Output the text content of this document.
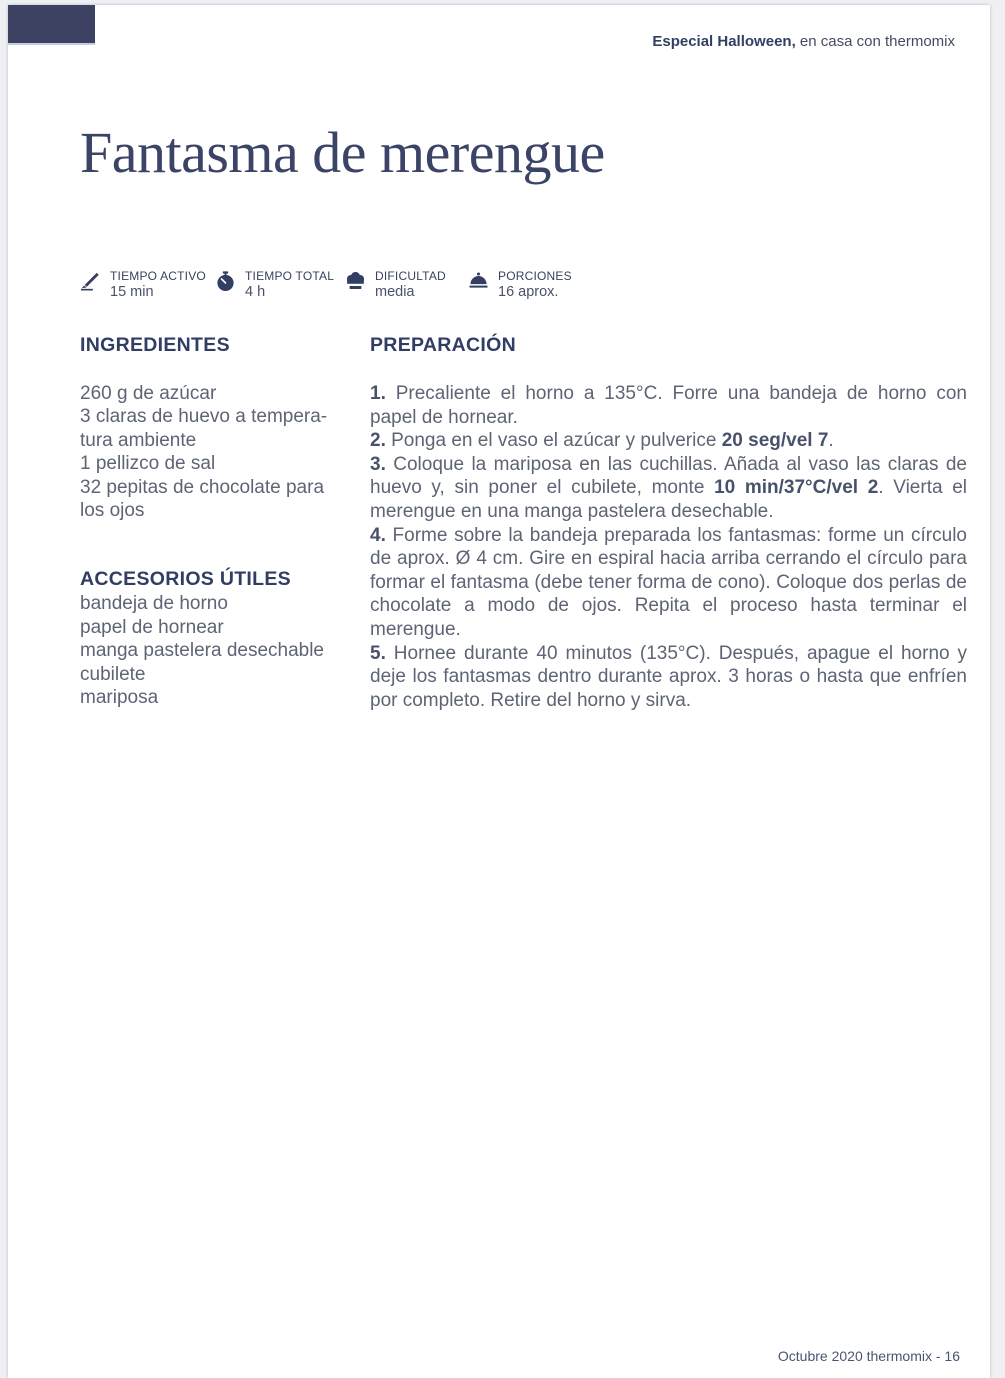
Especial Halloween, en casa con thermomix
Fantasma de merengue
TIEMPO ACTIVO
15 min
TIEMPO TOTAL
4 h
DIFICULTAD
media
PORCIONES
16 aprox.
INGREDIENTES
260 g de azúcar
3 claras de huevo a tempera-
tura ambiente
1 pellizco de sal
32 pepitas de chocolate para
los ojos
ACCESORIOS ÚTILES
bandeja de horno
papel de hornear
manga pastelera desechable
cubilete
mariposa
PREPARACIÓN

1. Precaliente el horno a 135°C. Forre una bandeja de horno con papel de hornear.

2. Ponga en el vaso el azúcar y pulverice 20 seg/vel 7.

3. Coloque la mariposa en las cuchillas. Añada al vaso las claras de huevo y, sin poner el cubilete, monte 10 min/37°C/vel 2. Vierta el merengue en una manga pastelera desechable.

4. Forme sobre la bandeja preparada los fantasmas: forme un círculo de aprox. Ø 4 cm. Gire en espiral hacia arriba cerrando el círculo para formar el fantasma (debe tener forma de cono). Coloque dos perlas de chocolate a modo de ojos. Repita el proceso hasta terminar el merengue.

5. Hornee durante 40 minutos (135°C). Después, apague el horno y deje los fantasmas dentro durante aprox. 3 horas o hasta que enfríen por completo. Retire del horno y sirva.

Octubre 2020 thermomix - 16
